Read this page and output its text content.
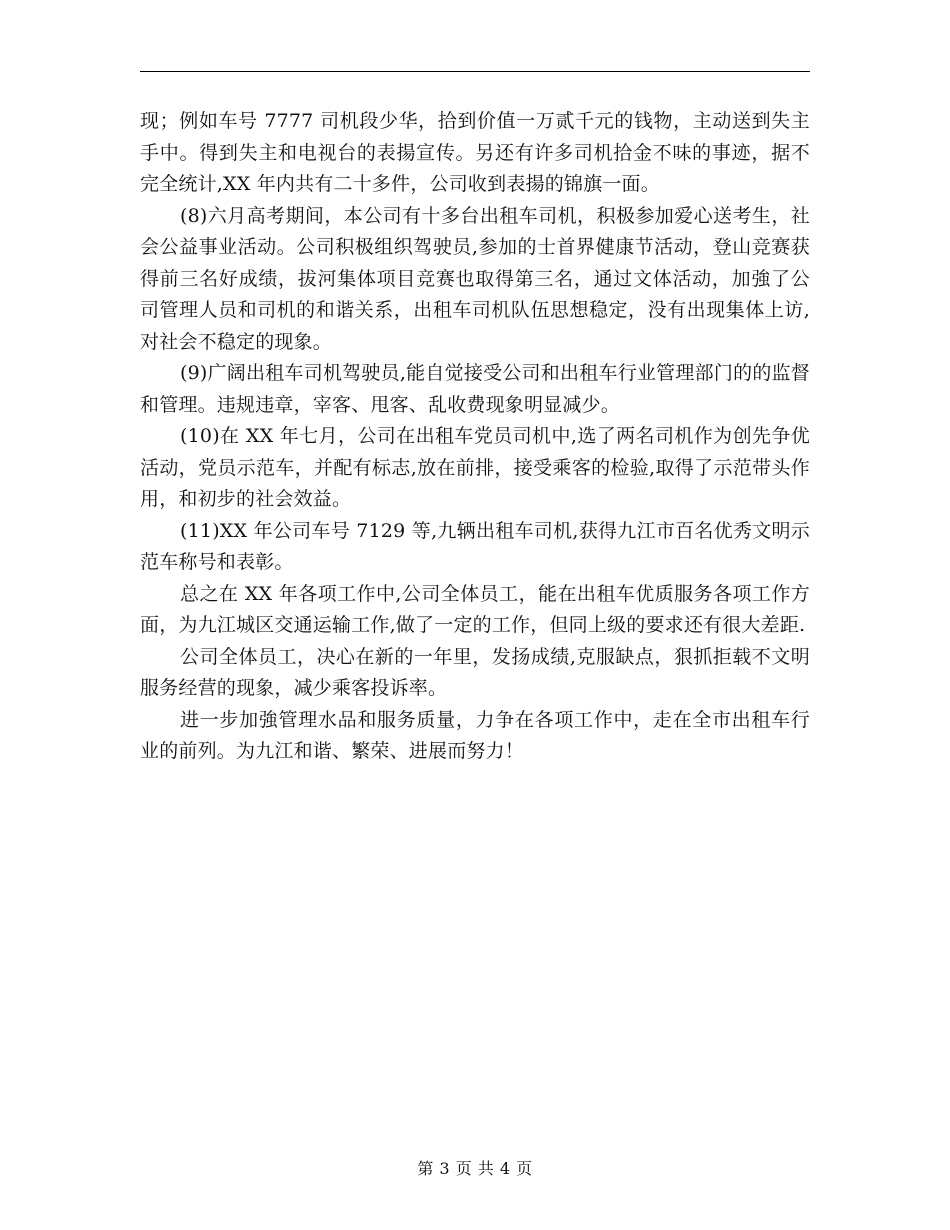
现；例如车号 7777 司机段少华，拾到价值一万贰千元的钱物，主动送到失主手中。得到失主和电视台的表揚宣传。另还有许多司机拾金不味的事迹，据不完全统计,XX 年内共有二十多件，公司收到表揚的锦旗一面。

(8)六月高考期间，本公司有十多台出租车司机，积极参加爱心送考生，社会公益事业活动。公司积极组织驾驶员,参加的士首界健康节活动，登山竞赛获得前三名好成绩，拔河集体项目竞赛也取得第三名，通过文体活动，加強了公司管理人员和司机的和谐关系，出租车司机队伍思想稳定，没有出现集体上访,对社会不稳定的现象。

(9)广阔出租车司机驾驶员,能自觉接受公司和出租车行业管理部门的的监督和管理。违规违章，宰客、甩客、乱收费现象明显减少。

(10)在 XX 年七月，公司在出租车党员司机中,选了两名司机作为创先争优活动，党员示范车，并配有标志,放在前排，接受乘客的检验,取得了示范带头作用，和初步的社会效益。

(11)XX 年公司车号 7129 等,九辆出租车司机,获得九江市百名优秀文明示范车称号和表彰。

总之在 XX 年各项工作中,公司全体员工，能在出租车优质服务各项工作方面，为九江城区交通运输工作,做了一定的工作，但同上级的要求还有很大差距.

公司全体员工，决心在新的一年里，发扬成绩,克服缺点，狠抓拒载不文明服务经营的现象，减少乘客投诉率。

进一步加強管理水品和服务质量，力争在各项工作中，走在全市出租车行业的前列。为九江和谐、繁荣、进展而努力！

第 3 页 共 4 页
